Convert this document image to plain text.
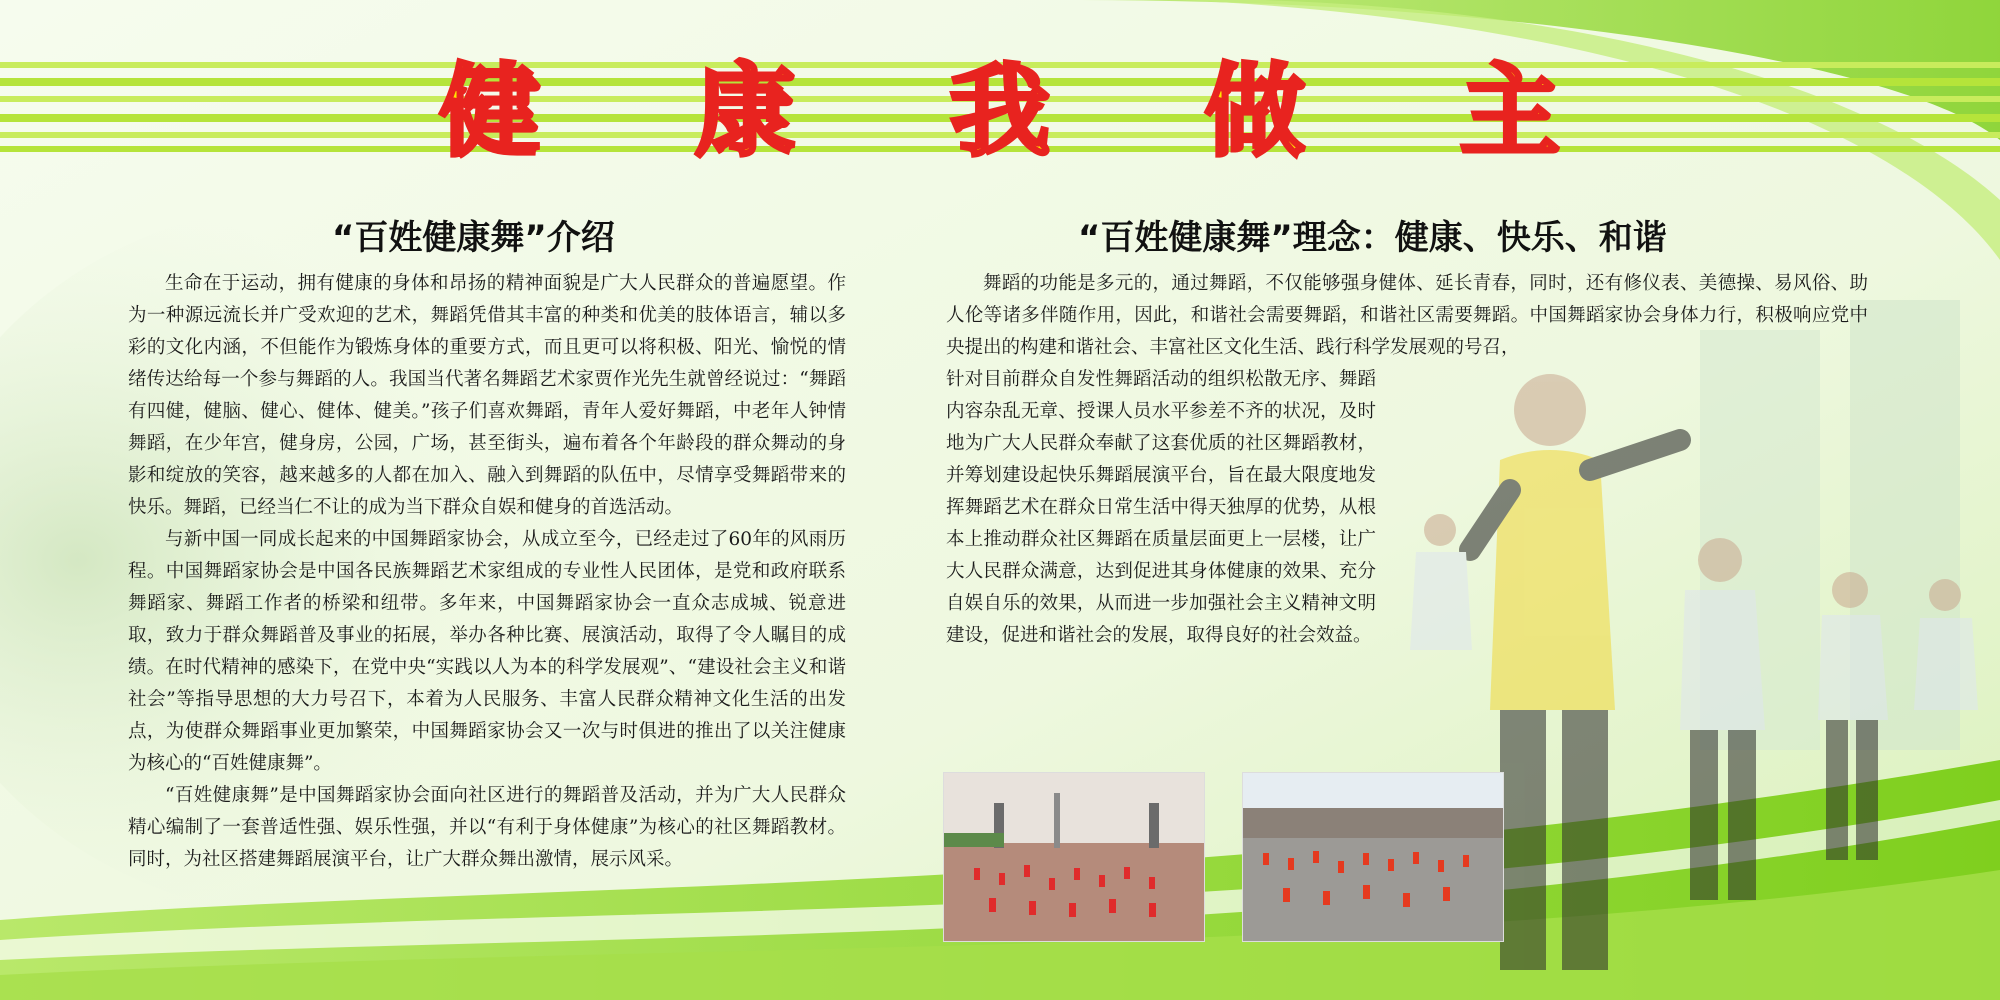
健 康 我 做 主
“百姓健康舞”介绍	“百姓健康舞”理念：健康、快乐、和谐

生命在于运动，拥有健康的身体和昂扬的精神面貌是广大人民群众的普遍愿望。作为一种源远流长并广受欢迎的艺术，舞蹈凭借其丰富的种类和优美的肢体语言，辅以多彩的文化内涵，不但能作为锻炼身体的重要方式，而且更可以将积极、阳光、愉悦的情绪传达给每一个参与舞蹈的人。我国当代著名舞蹈艺术家贾作光先生就曾经说过：“舞蹈有四健，健脑、健心、健体、健美。”孩子们喜欢舞蹈，青年人爱好舞蹈，中老年人钟情舞蹈，在少年宫，健身房，公园，广场，甚至街头，遍布着各个年龄段的群众舞动的身影和绽放的笑容，越来越多的人都在加入、融入到舞蹈的队伍中，尽情享受舞蹈带来的快乐。舞蹈，已经当仁不让的成为当下群众自娱和健身的首选活动。

与新中国一同成长起来的中国舞蹈家协会，从成立至今，已经走过了60年的风雨历程。中国舞蹈家协会是中国各民族舞蹈艺术家组成的专业性人民团体，是党和政府联系舞蹈家、舞蹈工作者的桥梁和纽带。多年来，中国舞蹈家协会一直众志成城、锐意进取，致力于群众舞蹈普及事业的拓展，举办各种比赛、展演活动，取得了令人瞩目的成绩。在时代精神的感染下，在党中央“实践以人为本的科学发展观”、“建设社会主义和谐社会”等指导思想的大力号召下，本着为人民服务、丰富人民群众精神文化生活的出发点，为使群众舞蹈事业更加繁荣，中国舞蹈家协会又一次与时俱进的推出了以关注健康为核心的“百姓健康舞”。

“百姓健康舞”是中国舞蹈家协会面向社区进行的舞蹈普及活动，并为广大人民群众精心编制了一套普适性强、娱乐性强，并以“有利于身体健康”为核心的社区舞蹈教材。同时，为社区搭建舞蹈展演平台，让广大群众舞出激情，展示风采。

舞蹈的功能是多元的，通过舞蹈，不仅能够强身健体、延长青春，同时，还有修仪表、美德操、易风俗、助人伦等诸多伴随作用，因此，和谐社会需要舞蹈，和谐社区需要舞蹈。中国舞蹈家协会身体力行，积极响应党中央提出的构建和谐社会、丰富社区文化生活、践行科学发展观的号召，

针对目前群众自发性舞蹈活动的组织松散无序、舞蹈内容杂乱无章、授课人员水平参差不齐的状况，及时地为广大人民群众奉献了这套优质的社区舞蹈教材，并筹划建设起快乐舞蹈展演平台，旨在最大限度地发挥舞蹈艺术在群众日常生活中得天独厚的优势，从根本上推动群众社区舞蹈在质量层面更上一层楼，让广大人民群众满意，达到促进其身体健康的效果、充分自娱自乐的效果，从而进一步加强社会主义精神文明建设，促进和谐社会的发展，取得良好的社会效益。
